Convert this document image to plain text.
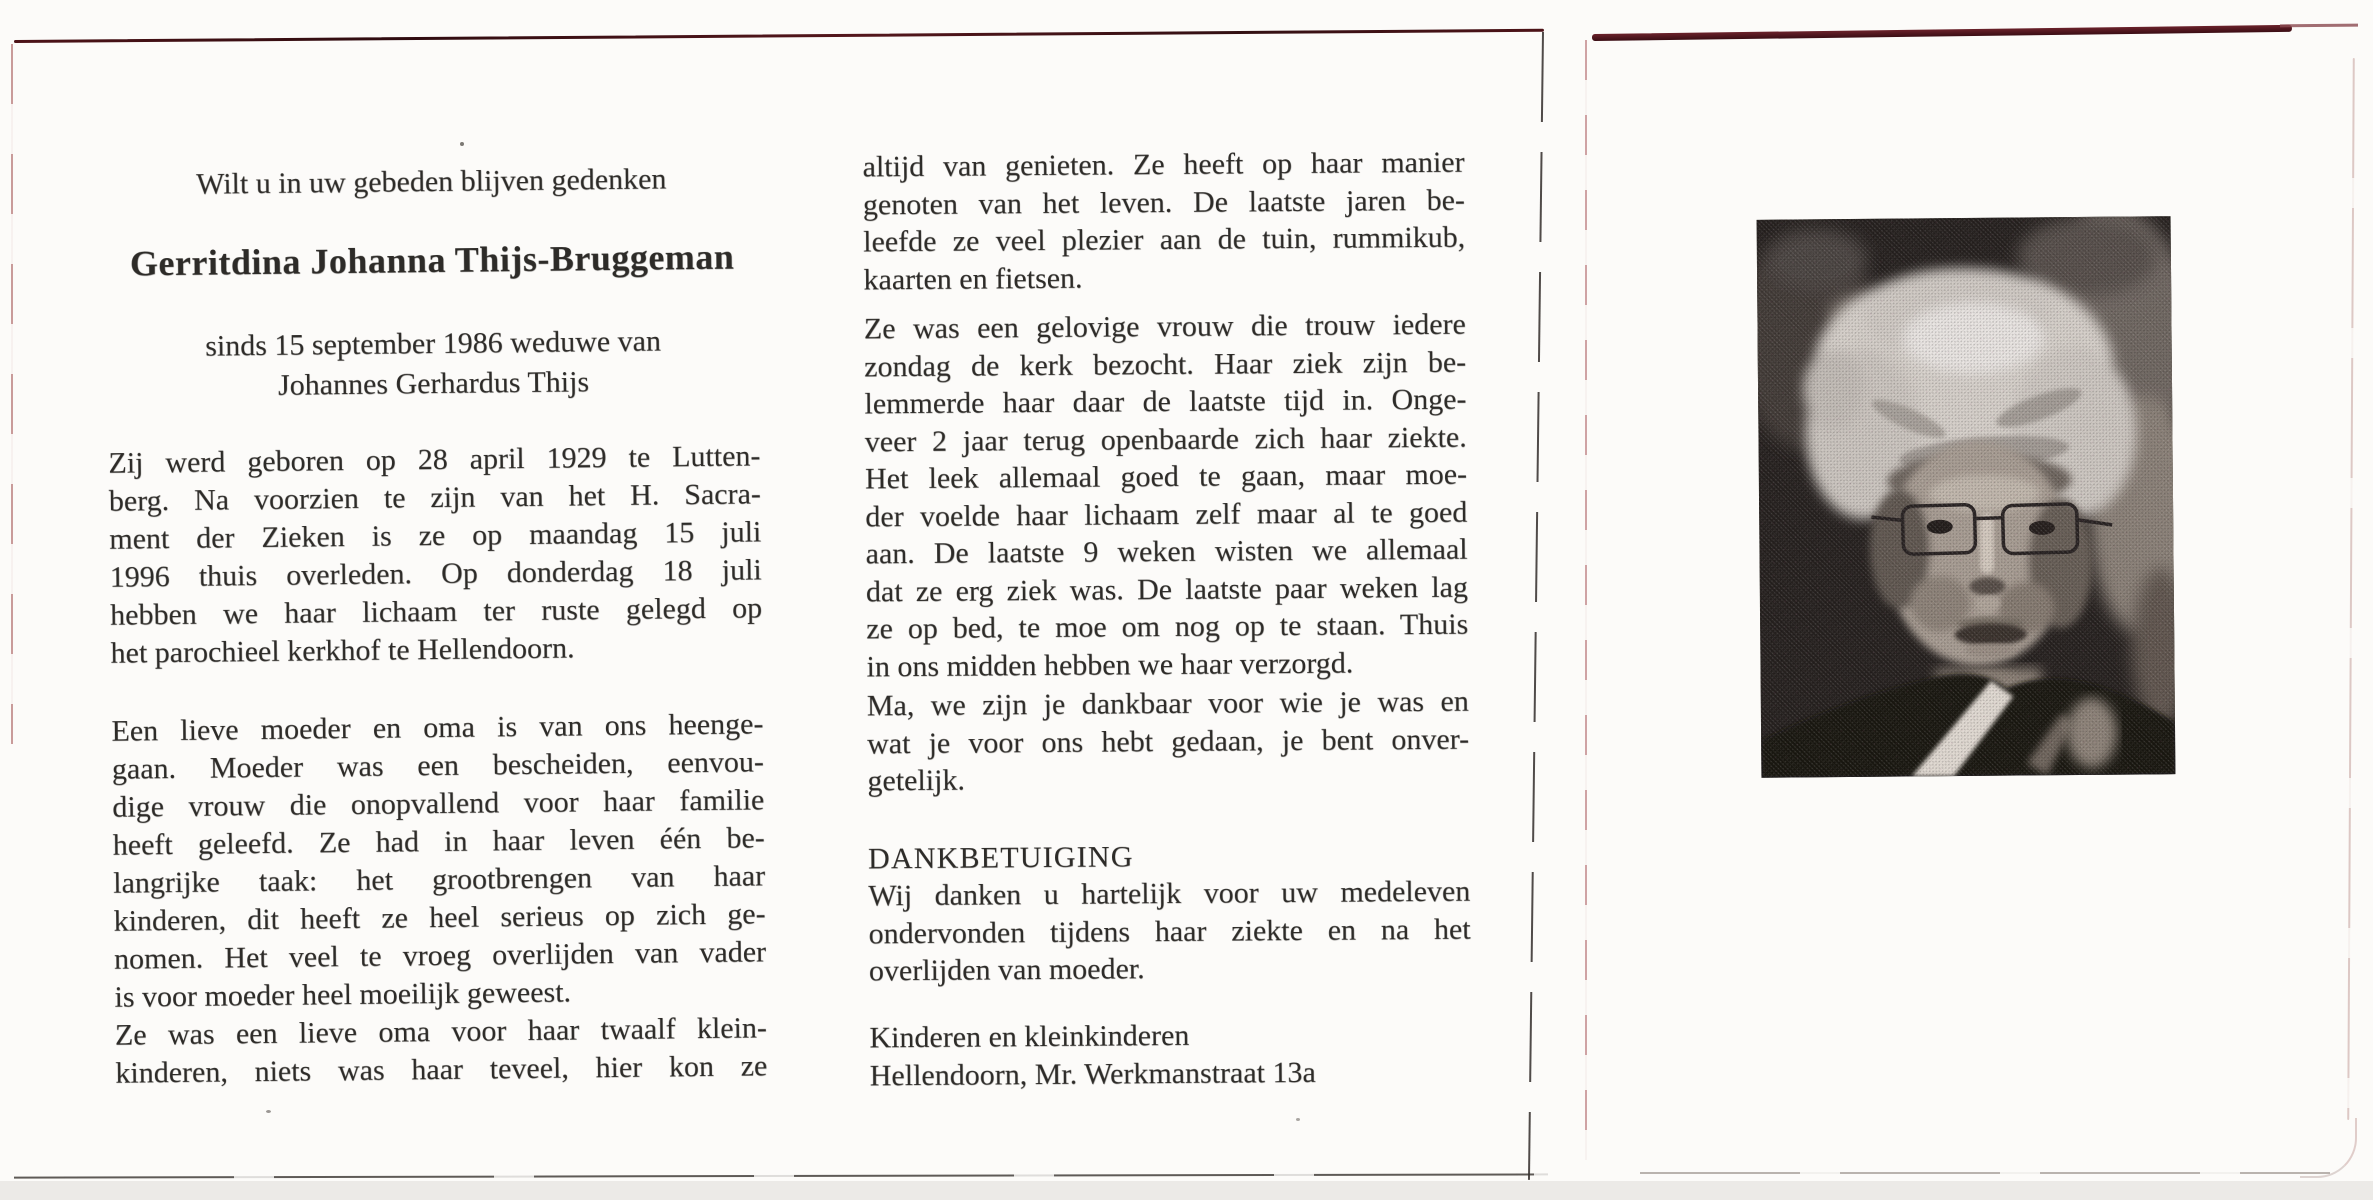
Wilt u in uw gebeden blijven gedenken
Gerritdina Johanna Thijs-Bruggeman
sinds 15 september 1986 weduwe van
Johannes Gerhardus Thijs
Zij werd geboren op 28 april 1929 te Lutten-
berg. Na voorzien te zijn van het H. Sacra-
ment der Zieken is ze op maandag 15 juli
1996 thuis overleden. Op donderdag 18 juli
hebben we haar lichaam ter ruste gelegd op
het parochieel kerkhof te Hellendoorn.
Een lieve moeder en oma is van ons heenge-
gaan. Moeder was een bescheiden, eenvou-
dige vrouw die onopvallend voor haar familie
heeft geleefd. Ze had in haar leven één be-
langrijke taak: het grootbrengen van haar
kinderen, dit heeft ze heel serieus op zich ge-
nomen. Het veel te vroeg overlijden van vader
is voor moeder heel moeilijk geweest.
Ze was een lieve oma voor haar twaalf klein-
kinderen, niets was haar teveel, hier kon ze
altijd van genieten. Ze heeft op haar manier
genoten van het leven. De laatste jaren be-
leefde ze veel plezier aan de tuin, rummikub,
kaarten en fietsen.
Ze was een gelovige vrouw die trouw iedere
zondag de kerk bezocht. Haar ziek zijn be-
lemmerde haar daar de laatste tijd in. Onge-
veer 2 jaar terug openbaarde zich haar ziekte.
Het leek allemaal goed te gaan, maar moe-
der voelde haar lichaam zelf maar al te goed
aan. De laatste 9 weken wisten we allemaal
dat ze erg ziek was. De laatste paar weken lag
ze op bed, te moe om nog op te staan. Thuis
in ons midden hebben we haar verzorgd.
Ma, we zijn je dankbaar voor wie je was en
wat je voor ons hebt gedaan, je bent onver-
getelijk.
DANKBETUIGING
Wij danken u hartelijk voor uw medeleven
ondervonden tijdens haar ziekte en na het
overlijden van moeder.
Kinderen en kleinkinderen
Hellendoorn, Mr. Werkmanstraat 13a
